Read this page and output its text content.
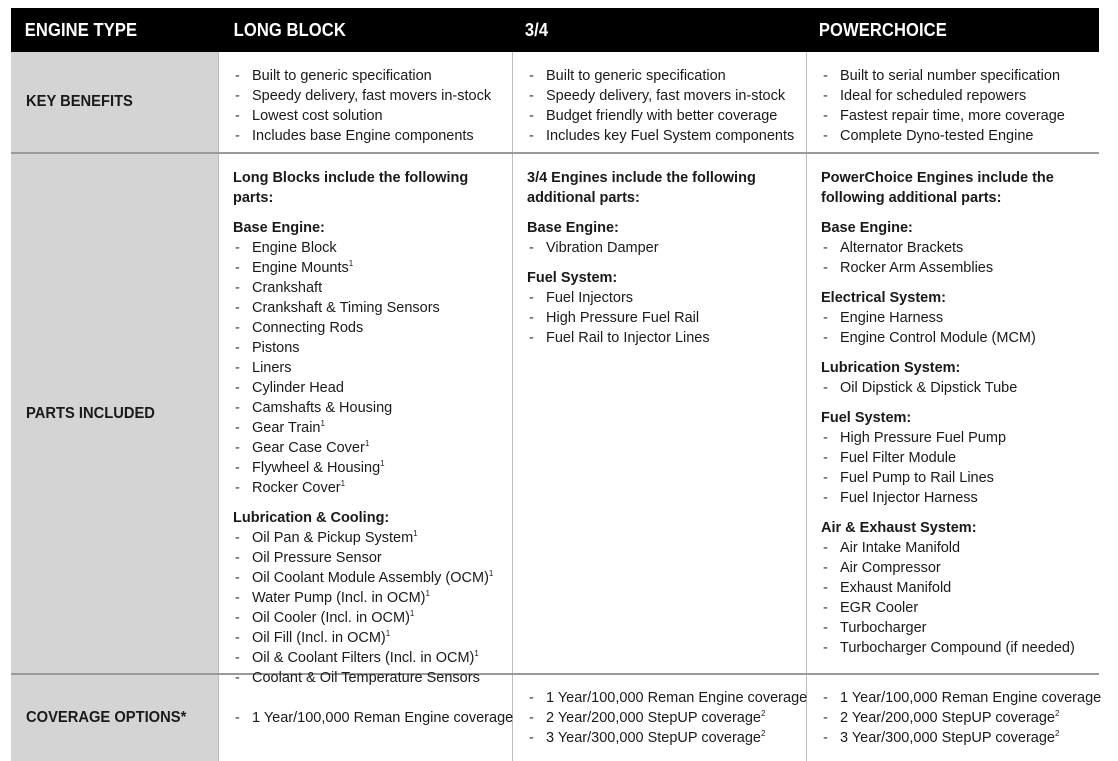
ENGINE TYPE	LONG BLOCK	3/4	POWERCHOICE
KEY BENEFITS
- Built to generic specification
- Speedy delivery, fast movers in-stock
- Lowest cost solution
- Includes base Engine components
- Built to generic specification
- Speedy delivery, fast movers in-stock
- Budget friendly with better coverage
- Includes key Fuel System components
- Built to serial number specification
- Ideal for scheduled repowers
- Fastest repair time, more coverage
- Complete Dyno-tested Engine
PARTS INCLUDED
Long Blocks include the following parts:
Base Engine:
- Engine Block
- Engine Mounts$^1$
- Crankshaft
- Crankshaft & Timing Sensors
- Connecting Rods
- Pistons
- Liners
- Cylinder Head
- Camshafts & Housing
- Gear Train$^1$
- Gear Case Cover$^1$
- Flywheel & Housing$^1$
- Rocker Cover$^1$
Lubrication & Cooling:
- Oil Pan & Pickup System$^1$
- Oil Pressure Sensor
- Oil Coolant Module Assembly (OCM)$^1$
- Water Pump (Incl. in OCM)$^1$
- Oil Cooler (Incl. in OCM)$^1$
- Oil Fill (Incl. in OCM)$^1$
- Oil & Coolant Filters (Incl. in OCM)$^1$
- Coolant & Oil Temperature Sensors
3/4 Engines include the following
additional parts:
Base Engine:
- Vibration Damper
Fuel System:
- Fuel Injectors
- High Pressure Fuel Rail
- Fuel Rail to Injector Lines
PowerChoice Engines include the
following additional parts:
Base Engine:
- Alternator Brackets
- Rocker Arm Assemblies
Electrical System:
- Engine Harness
- Engine Control Module (MCM)
Lubrication System:
- Oil Dipstick & Dipstick Tube
Fuel System:
- High Pressure Fuel Pump
- Fuel Filter Module
- Fuel Pump to Rail Lines
- Fuel Injector Harness
Air & Exhaust System:
- Air Intake Manifold
- Air Compressor
- Exhaust Manifold
- EGR Cooler
- Turbocharger
- Turbocharger Compound (if needed)
COVERAGE OPTIONS*
-	1 Year/100,000 Reman Engine coverage
- 1 Year/100,000 Reman Engine coverage
- 2 Year/200,000 StepUP coverage$^2$
- 3 Year/300,000 StepUP coverage$^2$
- 1 Year/100,000 Reman Engine coverage
- 2 Year/200,000 StepUP coverage$^2$
- 3 Year/300,000 StepUP coverage$^2$
